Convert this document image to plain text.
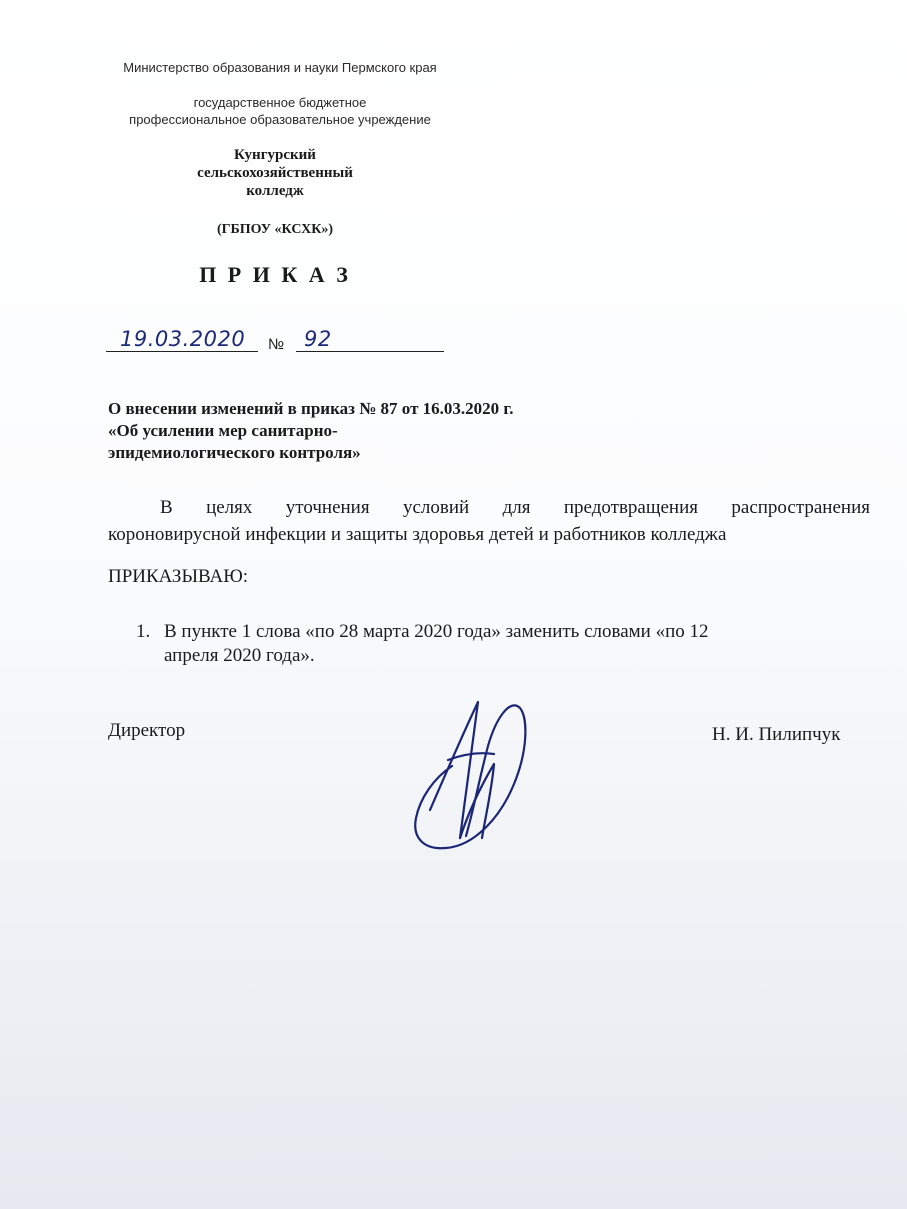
Министерство образования и науки Пермского края
государственное бюджетное
профессиональное образовательное учреждение
Кунгурский
сельскохозяйственный
колледж
(ГБПОУ «КСХК»)
П Р И К А З
19.03.2020 № 92
О внесении изменений в приказ № 87 от 16.03.2020 г.
«Об усилении мер санитарно-
эпидемиологического контроля»

В целях уточнения условий для предотвращения распространения

короновирусной инфекции и защиты здоровья детей и работников колледжа

ПРИКАЗЫВАЮ:
1. В пункте 1 слова «по 28 марта 2020 года» заменить словами «по 12
апреля 2020 года».
Директор	Н. И. Пилипчук
